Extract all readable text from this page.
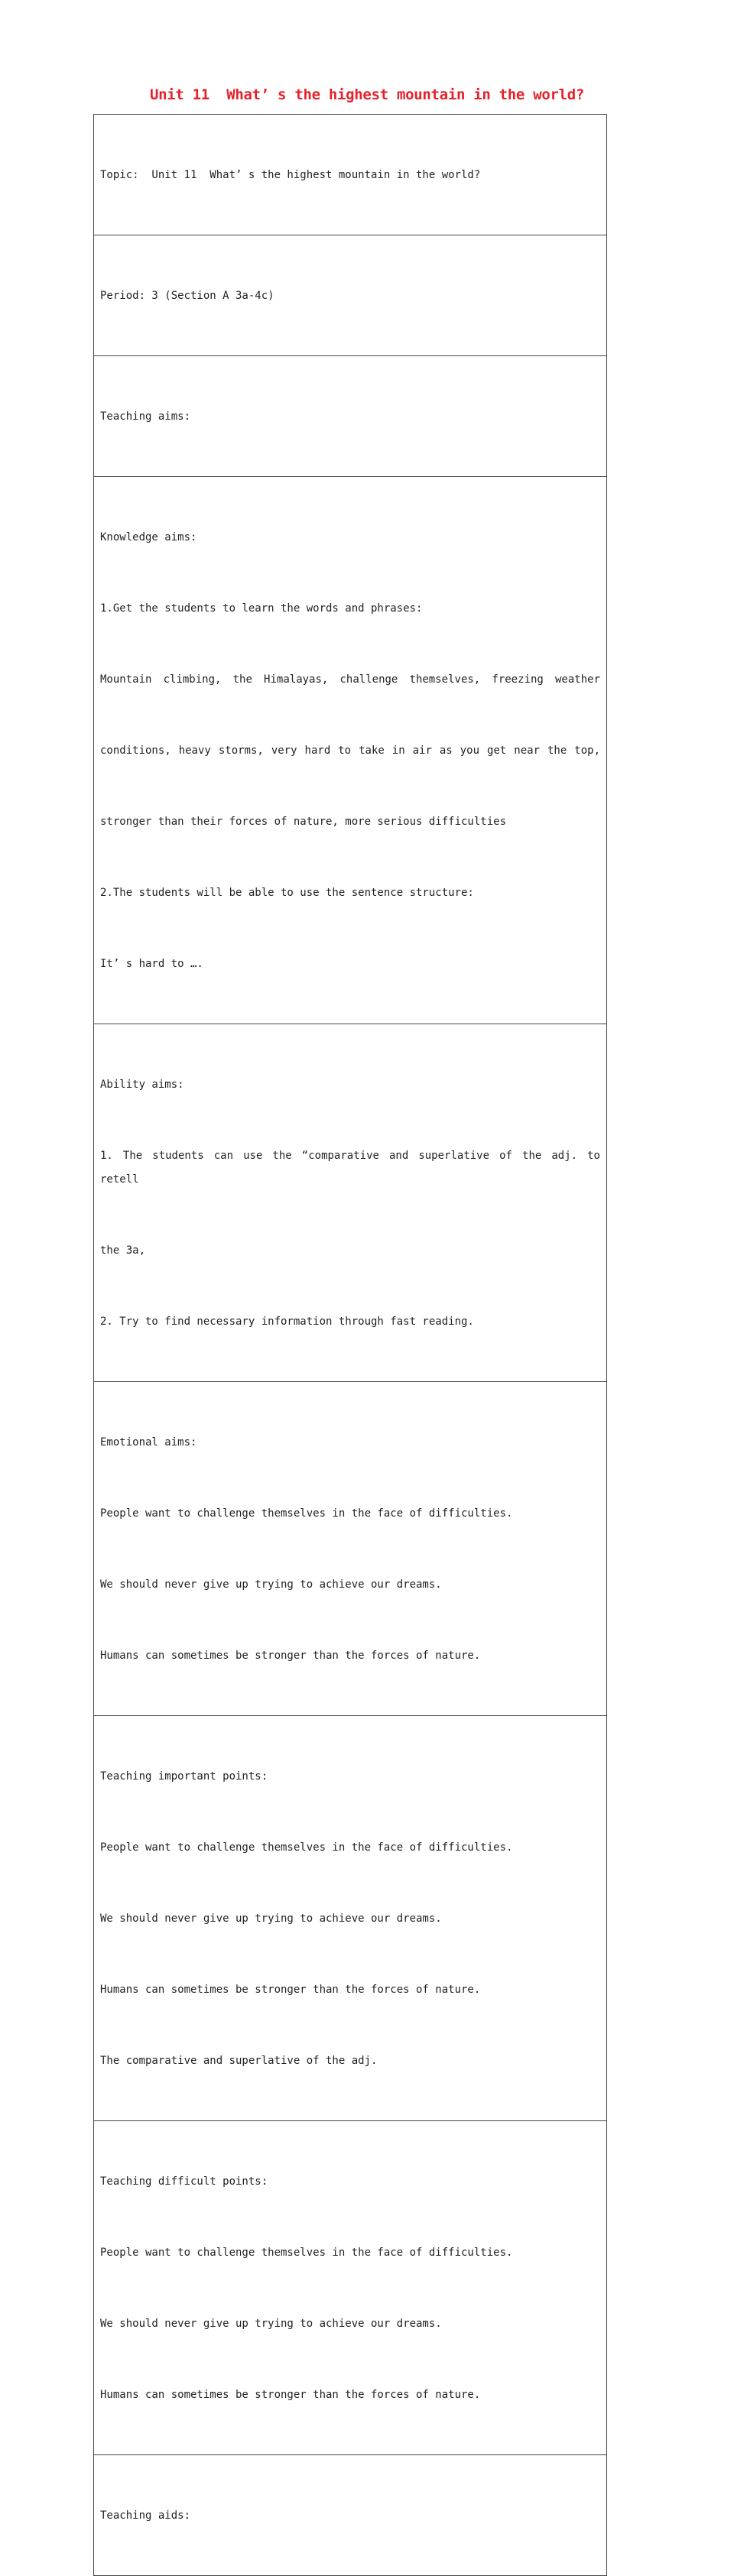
Unit 11  What’ s the highest mountain in the world?

Topic:  Unit 11  What’ s the highest mountain in the world?

Period: 3 (Section A 3a-4c)

Teaching aims:

Knowledge aims:

1.Get the students to learn the words and phrases:

Mountain climbing, the Himalayas, challenge themselves, freezing weather

conditions, heavy storms, very hard to take in air as you get near the top,

stronger than their forces of nature, more serious difficulties

2.The students will be able to use the sentence structure:

It’ s hard to ….

Ability aims:

1. The students can use the “comparative and superlative of the adj. to retell

the 3a,

2. Try to find necessary information through fast reading.

Emotional aims:

People want to challenge themselves in the face of difficulties.

We should never give up trying to achieve our dreams.

Humans can sometimes be stronger than the forces of nature.

Teaching important points:

People want to challenge themselves in the face of difficulties.

We should never give up trying to achieve our dreams.

Humans can sometimes be stronger than the forces of nature.

The comparative and superlative of the adj.

Teaching difficult points:

People want to challenge themselves in the face of difficulties.

We should never give up trying to achieve our dreams.

Humans can sometimes be stronger than the forces of nature.

Teaching aids:
